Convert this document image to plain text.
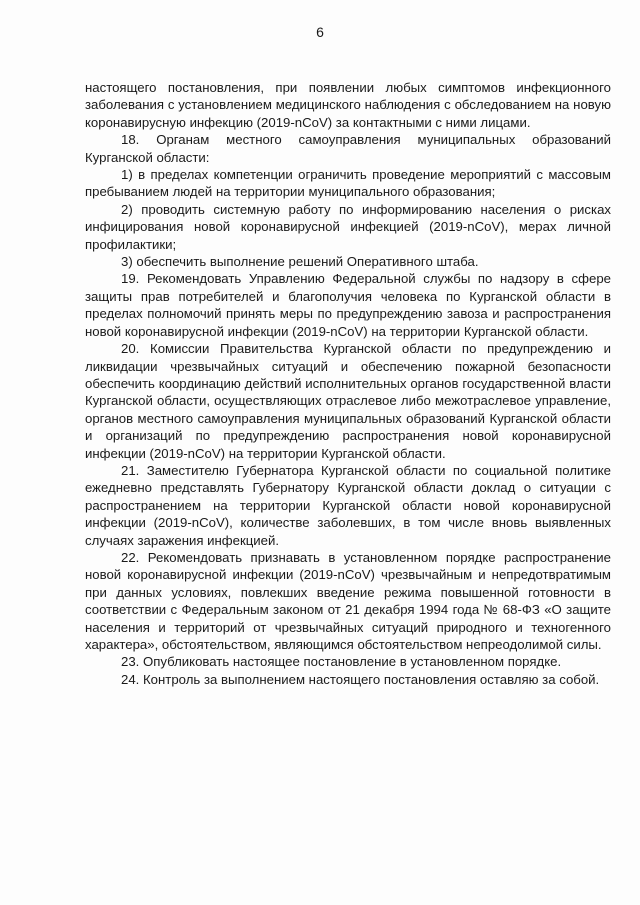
6

настоящего постановления, при появлении любых симптомов инфекционного заболевания с установлением медицинского наблюдения с обследованием на новую коронавирусную инфекцию (2019-nCoV) за контактными с ними лицами.

18. Органам местного самоуправления муниципальных образований Курганской области:

1) в пределах компетенции ограничить проведение мероприятий с массовым пребыванием людей на территории муниципального образования;

2) проводить системную работу по информированию населения о рисках инфицирования новой коронавирусной инфекцией (2019-nCoV), мерах личной профилактики;

3) обеспечить выполнение решений Оперативного штаба.

19. Рекомендовать Управлению Федеральной службы по надзору в сфере защиты прав потребителей и благополучия человека по Курганской области в пределах полномочий принять меры по предупреждению завоза и распространения новой коронавирусной инфекции (2019-nCoV) на территории Курганской области.

20. Комиссии Правительства Курганской области по предупреждению и ликвидации чрезвычайных ситуаций и обеспечению пожарной безопасности обеспечить координацию действий исполнительных органов государственной власти Курганской области, осуществляющих отраслевое либо межотраслевое управление, органов местного самоуправления муниципальных образований Курганской области и организаций по предупреждению распространения новой коронавирусной инфекции (2019-nCoV) на территории Курганской области.

21. Заместителю Губернатора Курганской области по социальной политике ежедневно представлять Губернатору Курганской области доклад о ситуации с распространением на территории Курганской области новой коронавирусной инфекции (2019-nCoV), количестве заболевших, в том числе вновь выявленных случаях заражения инфекцией.

22. Рекомендовать признавать в установленном порядке распространение новой коронавирусной инфекции (2019-nCoV) чрезвычайным и непредотвратимым при данных условиях, повлекших введение режима повышенной готовности в соответствии с Федеральным законом от 21 декабря 1994 года № 68-ФЗ «О защите населения и территорий от чрезвычайных ситуаций природного и техногенного характера», обстоятельством, являющимся обстоятельством непреодолимой силы.

23. Опубликовать настоящее постановление в установленном порядке.

24. Контроль за выполнением настоящего постановления оставляю за собой.
